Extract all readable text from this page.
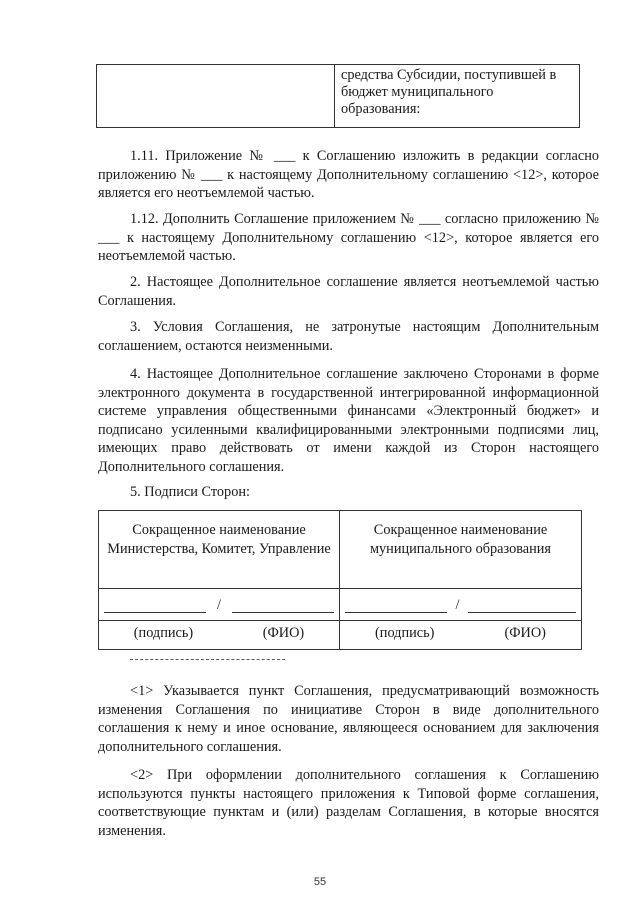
	средства Субсидии, поступившей в бюджет муниципального образования:

1.11. Приложение № ___ к Соглашению изложить в редакции согласно приложению № ___ к настоящему Дополнительному соглашению <12>, которое является его неотъемлемой частью.

1.12. Дополнить Соглашение приложением № ___ согласно приложению № ___ к настоящему Дополнительному соглашению <12>, которое является его неотъемлемой частью.

2. Настоящее Дополнительное соглашение является неотъемлемой частью Соглашения.

3. Условия Соглашения, не затронутые настоящим Дополнительным соглашением, остаются неизменными.

4. Настоящее Дополнительное соглашение заключено Сторонами в форме электронного документа в государственной интегрированной информационной системе управления общественными финансами «Электронный бюджет» и подписано усиленными квалифицированными электронными подписями лиц, имеющих право действовать от имени каждой из Сторон настоящего Дополнительного соглашения.

5. Подписи Сторон:

Сокращенное наименование Министерства, Комитет, Управление	Сокращенное наименование муниципального образования

/	/

(подпись) (ФИО)	(подпись) (ФИО)

<1> Указывается пункт Соглашения, предусматривающий возможность изменения Соглашения по инициативе Сторон в виде дополнительного соглашения к нему и иное основание, являющееся основанием для заключения дополнительного соглашения.

<2> При оформлении дополнительного соглашения к Соглашению используются пункты настоящего приложения к Типовой форме соглашения, соответствующие пунктам и (или) разделам Соглашения, в которые вносятся изменения.

55
